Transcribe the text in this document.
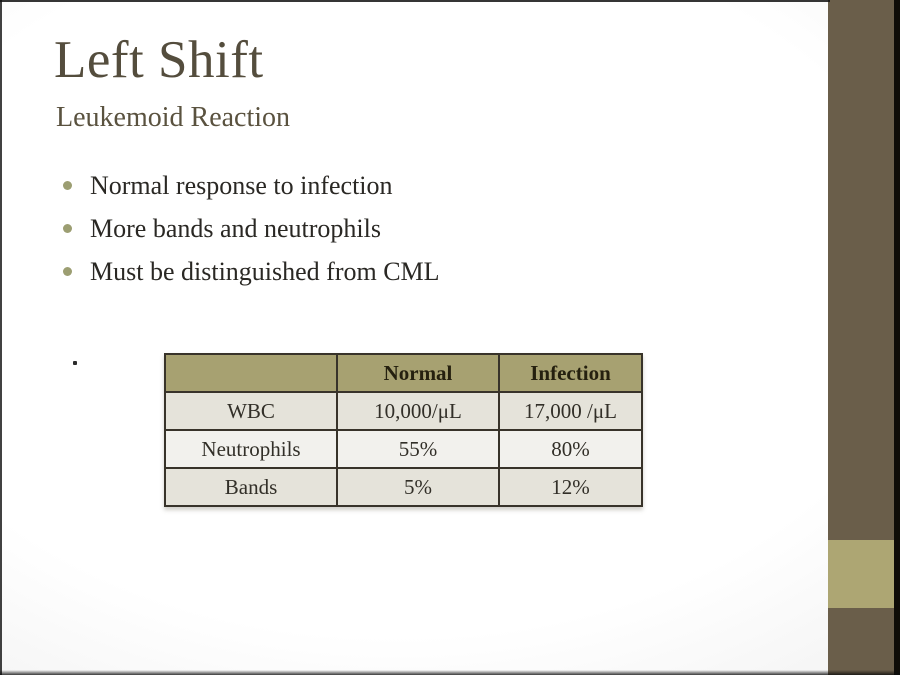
Left Shift
Leukemoid Reaction
Normal response to infection
More bands and neutrophils
Must be distinguished from CML
	Normal	Infection
WBC	10,000/μL	17,000 /μL
Neutrophils	55%	80%
Bands	5%	12%
